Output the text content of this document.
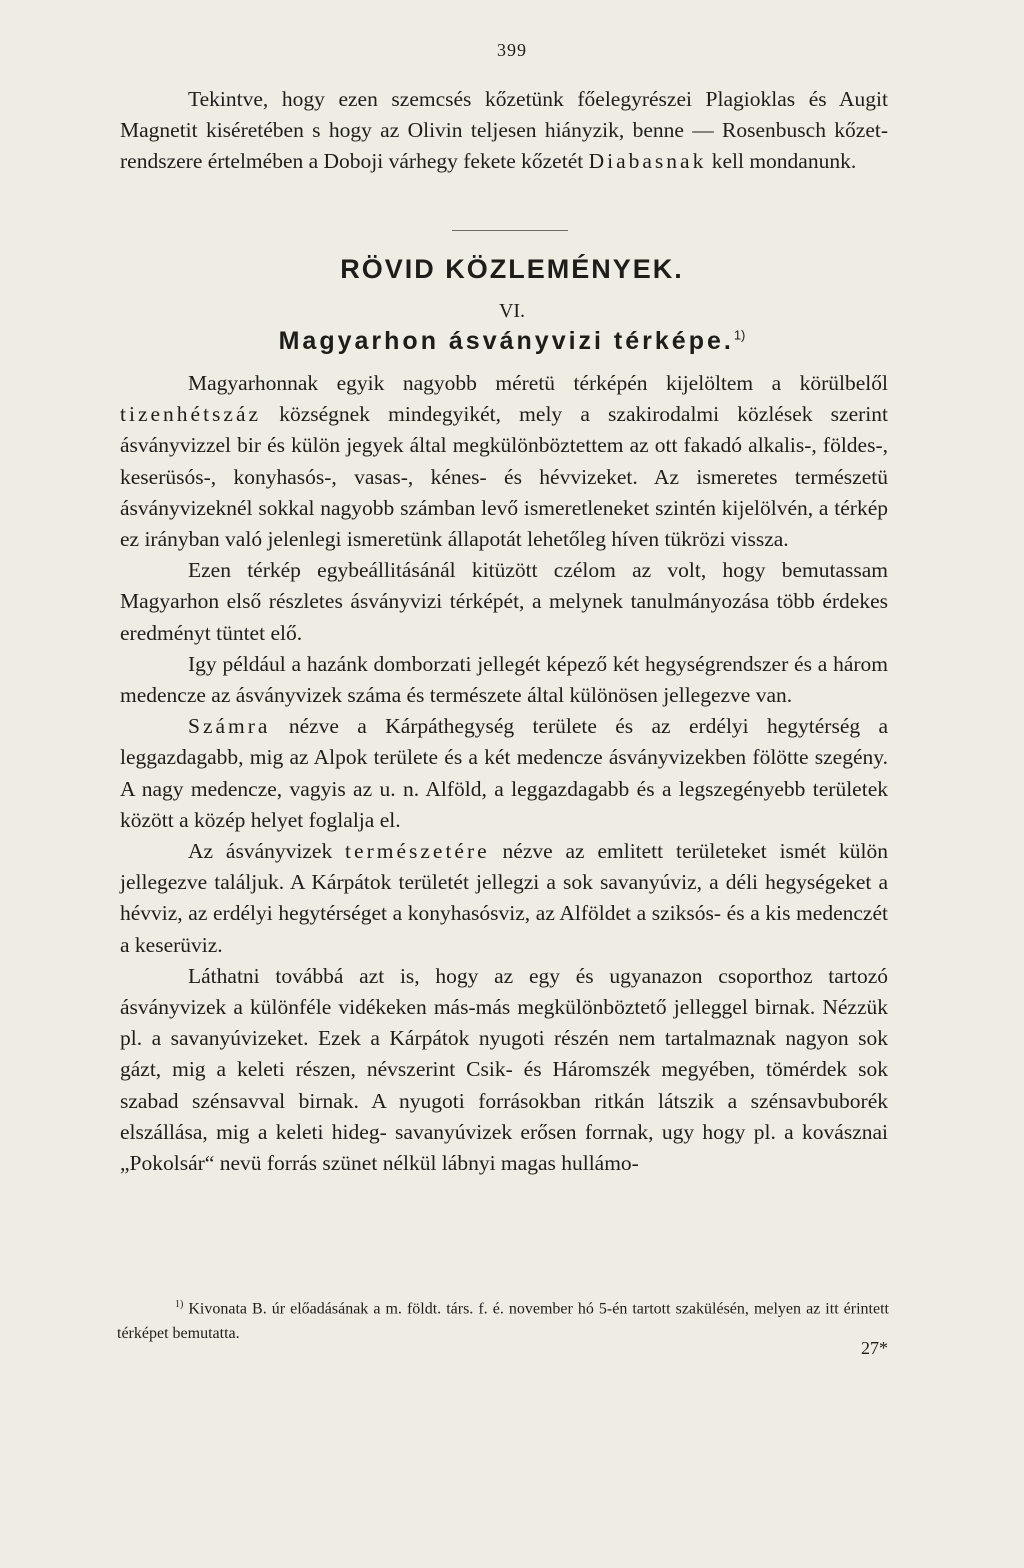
399

Tekintve, hogy ezen szemcsés kőzetünk főelegyrészei Plagioklas és Augit Magnetit kiséretében s hogy az Olivin teljesen hiányzik, benne — Rosenbusch kőzet-rendszere értelmében a Doboji várhegy fekete kőzetét Diabasnak kell mondanunk.

RÖVID KÖZLEMÉNYEK.
VI.
Magyarhon ásványvizi térképe.$^{1)}$

Magyarhonnak egyik nagyobb méretü térképén kijelöltem a körülbelől tizenhétszáz községnek mindegyikét, mely a szakirodalmi közlések szerint ásványvizzel bir és külön jegyek által megkülönböztettem az ott fakadó alkalis-, földes-, keserüsós-, konyhasós-, vasas-, kénes- és hévvizeket. Az ismeretes természetü ásványvizeknél sokkal nagyobb számban levő ismeretleneket szintén kijelölvén, a térkép ez irányban való jelenlegi ismeretünk állapotát lehetőleg híven tükrözi vissza.

Ezen térkép egybeállitásánál kitüzött czélom az volt, hogy bemutassam Magyarhon első részletes ásványvizi térképét, a melynek tanulmányozása több érdekes eredményt tüntet elő.

Igy például a hazánk domborzati jellegét képező két hegységrendszer és a három medencze az ásványvizek száma és természete által különösen jellegezve van.

Számra nézve a Kárpáthegység területe és az erdélyi hegytérség a leggazdagabb, mig az Alpok területe és a két medencze ásványvizekben fölötte szegény. A nagy medencze, vagyis az u. n. Alföld, a leggazdagabb és a legszegényebb területek között a közép helyet foglalja el.

Az ásványvizek természetére nézve az emlitett területeket ismét külön jellegezve találjuk. A Kárpátok területét jellegzi a sok savanyúviz, a déli hegységeket a hévviz, az erdélyi hegytérséget a konyhasósviz, az Alföldet a sziksós- és a kis medenczét a keserüviz.

Láthatni továbbá azt is, hogy az egy és ugyanazon csoporthoz tartozó ásványvizek a különféle vidékeken más-más megkülönböztető jelleggel birnak. Nézzük pl. a savanyúvizeket. Ezek a Kárpátok nyugoti részén nem tartalmaznak nagyon sok gázt, mig a keleti részen, névszerint Csik- és Háromszék megyében, tömérdek sok szabad szénsavval birnak. A nyugoti forrásokban ritkán látszik a szénsavbuborék elszállása, mig a keleti hideg- savanyúvizek erősen forrnak, ugy hogy pl. a kovásznai „Pokolsár“ nevü forrás szünet nélkül lábnyi magas hullámo-

$^{1)}$ Kivonata B. úr előadásának a m. földt. társ. f. é. november hó 5-én tartott szakülésén, melyen az itt érintett térképet bemutatta.

27*
